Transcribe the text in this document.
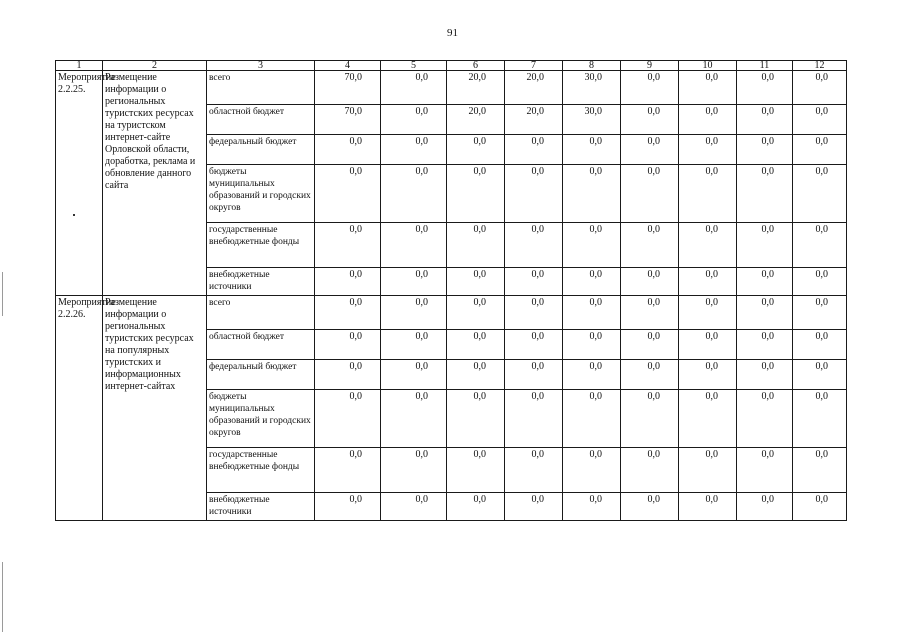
91
1	2	3	4	5	6	7	8	9	10	11	12
Мероприятие 2.2.25.	Размещение информации о региональных туристских ресурсах на туристском интернет-сайте Орловской области, доработка, реклама и обновление данного сайта	всего	70,0	0,0	20,0	20,0	30,0	0,0	0,0	0,0	0,0
		областной бюджет	70,0	0,0	20,0	20,0	30,0	0,0	0,0	0,0	0,0
		федеральный бюджет	0,0	0,0	0,0	0,0	0,0	0,0	0,0	0,0	0,0
		бюджеты муниципальных образований и городских округов	0,0	0,0	0,0	0,0	0,0	0,0	0,0	0,0	0,0
		государственные внебюджетные фонды	0,0	0,0	0,0	0,0	0,0	0,0	0,0	0,0	0,0
		внебюджетные источники	0,0	0,0	0,0	0,0	0,0	0,0	0,0	0,0	0,0
Мероприятие 2.2.26.	Размещение информации о региональных туристских ресурсах на популярных туристских и информационных интернет-сайтах	всего	0,0	0,0	0,0	0,0	0,0	0,0	0,0	0,0	0,0
		областной бюджет	0,0	0,0	0,0	0,0	0,0	0,0	0,0	0,0	0,0
		федеральный бюджет	0,0	0,0	0,0	0,0	0,0	0,0	0,0	0,0	0,0
		бюджеты муниципальных образований и городских округов	0,0	0,0	0,0	0,0	0,0	0,0	0,0	0,0	0,0
		государственные внебюджетные фонды	0,0	0,0	0,0	0,0	0,0	0,0	0,0	0,0	0,0
		внебюджетные источники	0,0	0,0	0,0	0,0	0,0	0,0	0,0	0,0	0,0
